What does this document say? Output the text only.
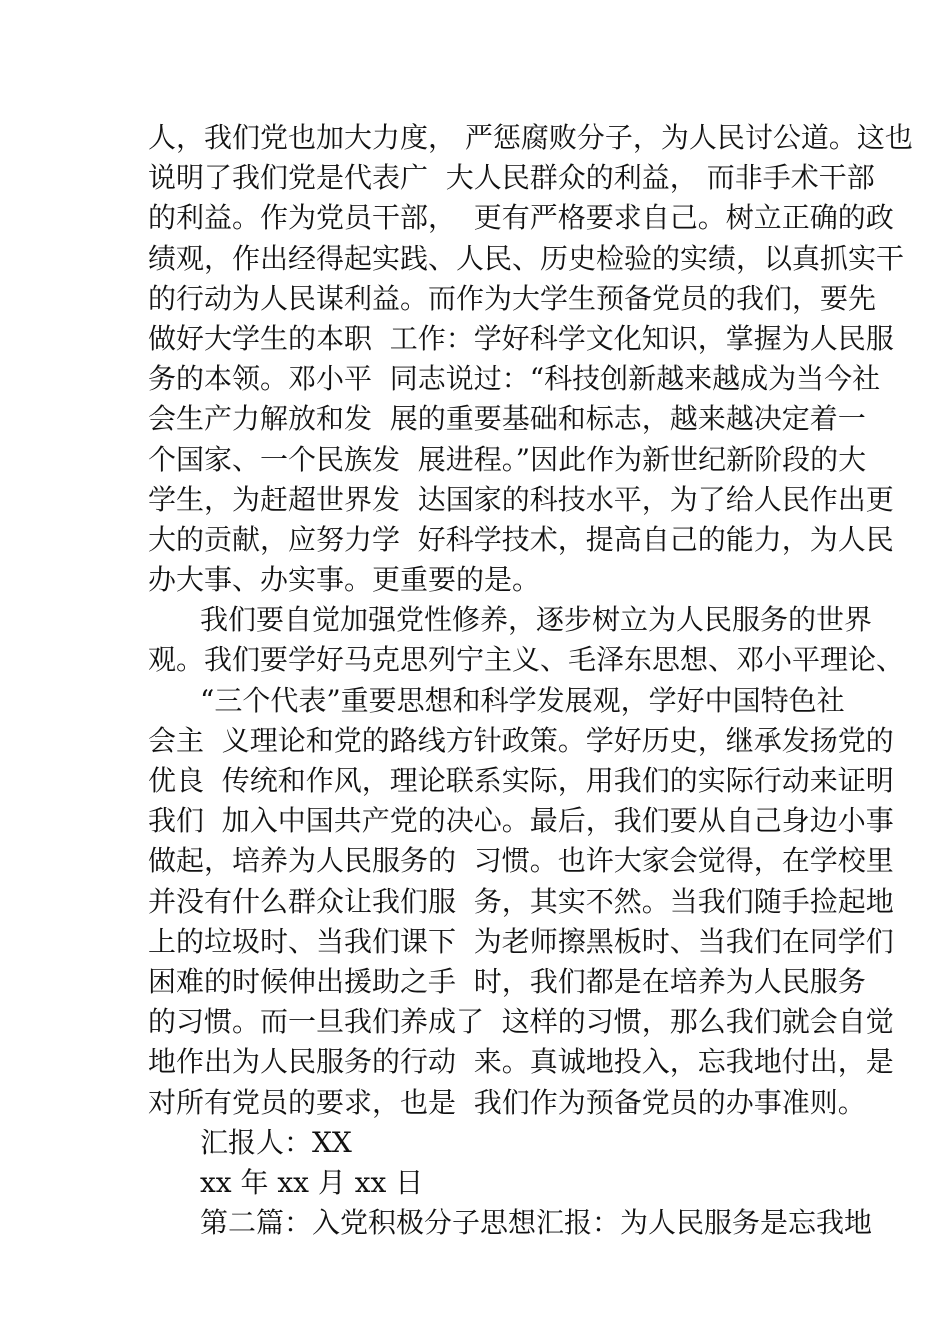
人，我们党也加大力度， 严惩腐败分子，为人民讨公道。这也
说明了我们党是代表广  大人民群众的利益， 而非手术干部
的利益。作为党员干部，  更有严格要求自己。树立正确的政
绩观，作出经得起实践、人民、历史检验的实绩，以真抓实干
的行动为人民谋利益。而作为大学生预备党员的我们，要先
做好大学生的本职  工作：学好科学文化知识，掌握为人民服
务的本领。邓小平  同志说过：“科技创新越来越成为当今社
会生产力解放和发  展的重要基础和标志，越来越决定着一
个国家、一个民族发  展进程。”因此作为新世纪新阶段的大
学生，为赶超世界发  达国家的科技水平，为了给人民作出更
大的贡献，应努力学  好科学技术，提高自己的能力，为人民
办大事、办实事。更重要的是。
我们要自觉加强党性修养，逐步树立为人民服务的世界
观。我们要学好马克思列宁主义、毛泽东思想、邓小平理论、
“三个代表”重要思想和科学发展观，学好中国特色社
会主  义理论和党的路线方针政策。学好历史，继承发扬党的
优良  传统和作风，理论联系实际，用我们的实际行动来证明
我们  加入中国共产党的决心。最后，我们要从自己身边小事
做起，培养为人民服务的  习惯。也许大家会觉得，在学校里
并没有什么群众让我们服  务，其实不然。当我们随手捡起地
上的垃圾时、当我们课下  为老师擦黑板时、当我们在同学们
困难的时候伸出援助之手  时，我们都是在培养为人民服务
的习惯。而一旦我们养成了  这样的习惯，那么我们就会自觉
地作出为人民服务的行动  来。真诚地投入，忘我地付出，是
对所有党员的要求，也是  我们作为预备党员的办事准则。
汇报人：XX
xx 年 xx 月 xx 日
第二篇：入党积极分子思想汇报：为人民服务是忘我地
